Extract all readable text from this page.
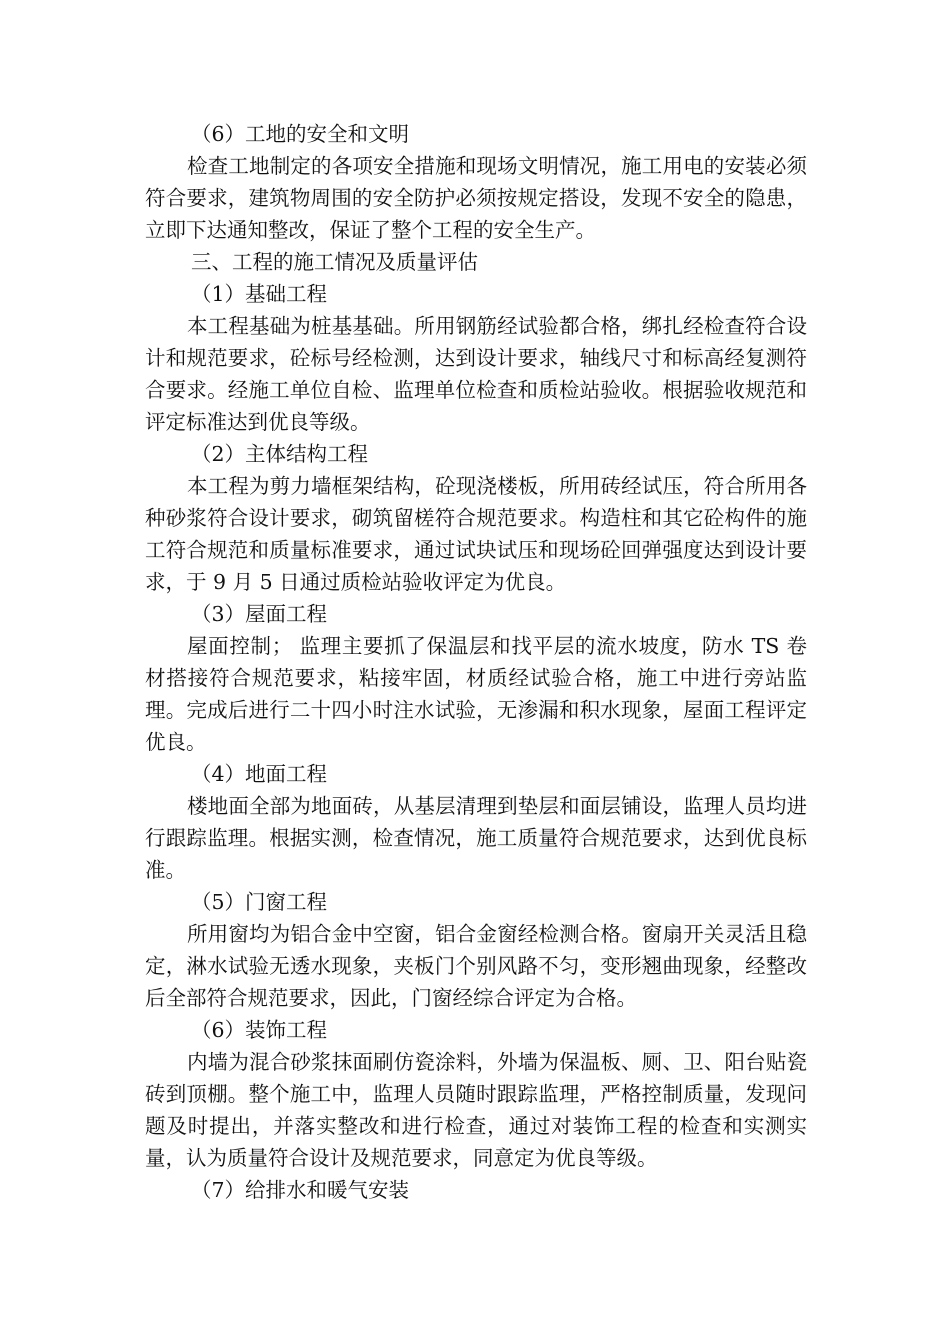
（6）工地的安全和文明

检查工地制定的各项安全措施和现场文明情况，施工用电的安装必须符合要求，建筑物周围的安全防护必须按规定搭设，发现不安全的隐患，立即下达通知整改，保证了整个工程的安全生产。

三、工程的施工情况及质量评估

（1）基础工程

本工程基础为桩基基础。所用钢筋经试验都合格，绑扎经检查符合设计和规范要求，砼标号经检测，达到设计要求，轴线尺寸和标高经复测符合要求。经施工单位自检、监理单位检查和质检站验收。根据验收规范和评定标准达到优良等级。

（2）主体结构工程

本工程为剪力墙框架结构，砼现浇楼板，所用砖经试压，符合所用各种砂浆符合设计要求，砌筑留槎符合规范要求。构造柱和其它砼构件的施工符合规范和质量标准要求，通过试块试压和现场砼回弹强度达到设计要求，于 9 月 5 日通过质检站验收评定为优良。

（3）屋面工程

屋面控制； 监理主要抓了保温层和找平层的流水坡度，防水 TS 卷材搭接符合规范要求，粘接牢固，材质经试验合格，施工中进行旁站监理。完成后进行二十四小时注水试验，无渗漏和积水现象，屋面工程评定优良。

（4）地面工程

楼地面全部为地面砖，从基层清理到垫层和面层铺设，监理人员均进行跟踪监理。根据实测，检查情况，施工质量符合规范要求，达到优良标准。

（5）门窗工程

所用窗均为铝合金中空窗，铝合金窗经检测合格。窗扇开关灵活且稳定，淋水试验无透水现象，夹板门个别风路不匀，变形翘曲现象，经整改后全部符合规范要求，因此，门窗经综合评定为合格。

（6）装饰工程

内墙为混合砂浆抹面刷仿瓷涂料，外墙为保温板、厕、卫、阳台贴瓷砖到顶棚。整个施工中，监理人员随时跟踪监理，严格控制质量，发现问题及时提出，并落实整改和进行检查，通过对装饰工程的检查和实测实量，认为质量符合设计及规范要求，同意定为优良等级。

（7）给排水和暖气安装
